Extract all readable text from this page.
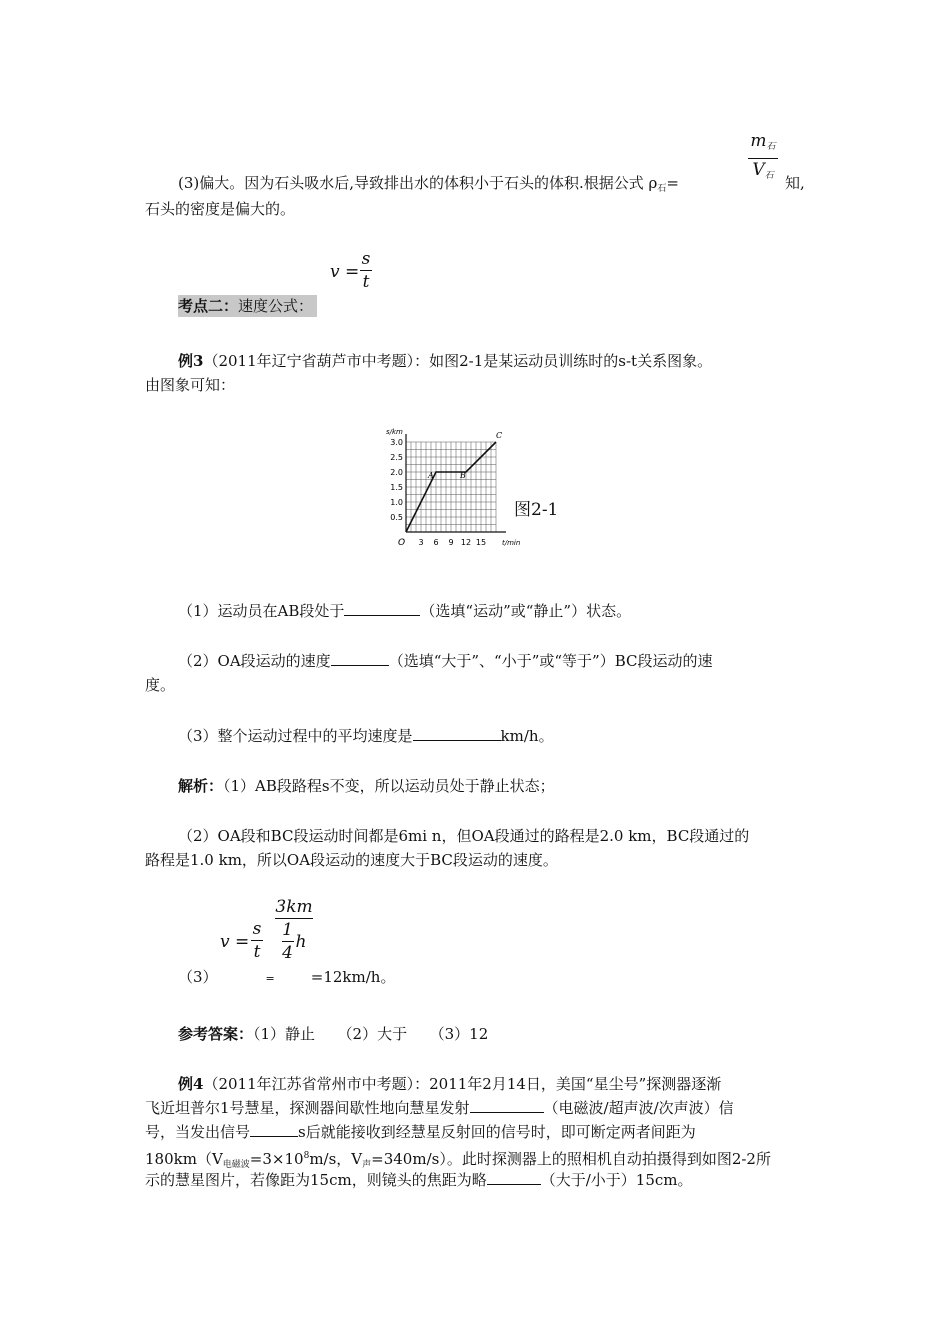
$m_石$
$V_石$
(3)偏大。因为石头吸水后,导致排出水的体积小于石头的体积.根据公式 $\rho_石=$	知,
石头的密度是偏大的。
v =
s
t
考点二：速度公式：
例3（2011年辽宁省葫芦市中考题）：如图2-1是某运动员训练时的s-t关系图象。
由图象可知：
3 6 9 12 15
0.5
1.0
1.5
2.0
2.5
3.0
t/min
s/km
O
A	B
C
图2-1
（1）运动员在AB段处于	（选填“运动”或“静止”）状态。
（2）OA段运动的速度	（选填“大于”、“小于”或“等于”）BC段运动的速
度。
（3）整个运动过程中的平均速度是	km/h。
解析：（1）AB段路程s不变，所以运动员处于静止状态；
（2）OA段和BC段运动时间都是6mi n，但OA段通过的路程是2.0 km，BC段通过的
路程是1.0 km，所以OA段运动的速度大于BC段运动的速度。
v =
s
t
3km
$\frac{1}{4}$ h
（3）	= =12km/h。
参考答案：（1）静止　　（2）大于　　（3）12
例4（2011年江苏省常州市中考题）：2011年2月14日，美国“星尘号”探测器逐渐
飞近坦普尔1号慧星，探测器间歇性地向慧星发射	（电磁波/超声波/次声波）信
号，当发出信号	s后就能接收到经慧星反射回的信号时，即可断定两者间距为
$180km(V_{电磁波}=3\times 10^8m/s$，$V_声=340m/s$）。此时探测器上的照相机自动拍摄得到如图2-2所
示的慧星图片，若像距为15cm，则镜头的焦距为略	（大于/小于）15cm。
